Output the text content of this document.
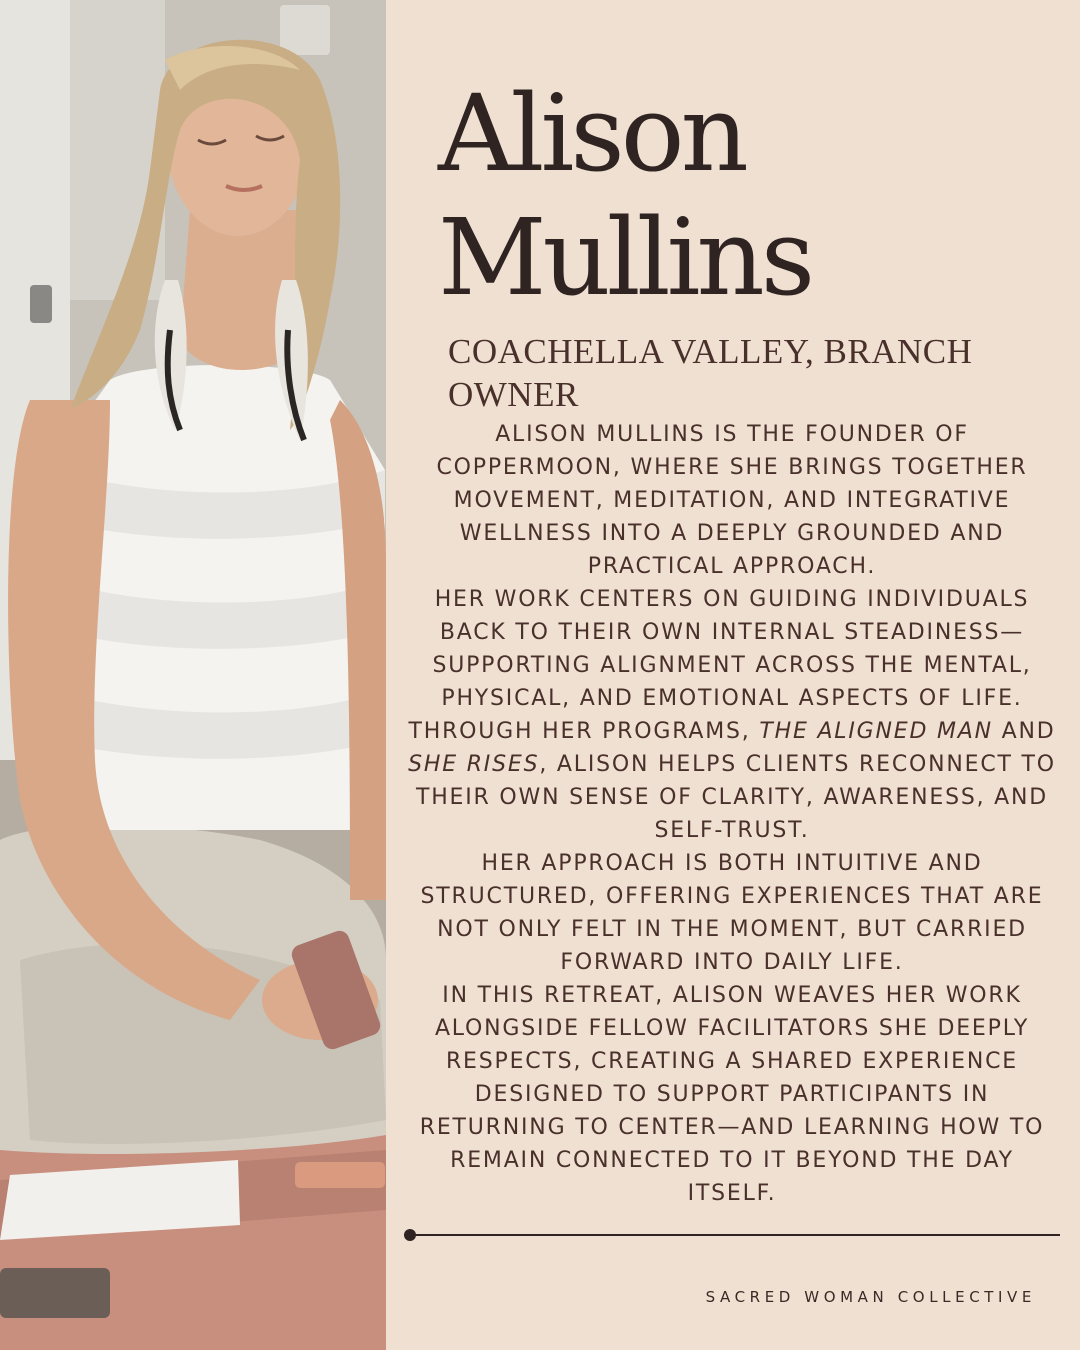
Alison
Mullins
COACHELLA VALLEY, BRANCH
OWNER

ALISON MULLINS IS THE FOUNDER OF COPPERMOON, WHERE SHE BRINGS TOGETHER MOVEMENT, MEDITATION, AND INTEGRATIVE WELLNESS INTO A DEEPLY GROUNDED AND PRACTICAL APPROACH.

HER WORK CENTERS ON GUIDING INDIVIDUALS BACK TO THEIR OWN INTERNAL STEADINESS—SUPPORTING ALIGNMENT ACROSS THE MENTAL, PHYSICAL, AND EMOTIONAL ASPECTS OF LIFE.

THROUGH HER PROGRAMS, THE ALIGNED MAN AND SHE RISES, ALISON HELPS CLIENTS RECONNECT TO THEIR OWN SENSE OF CLARITY, AWARENESS, AND SELF-TRUST.

HER APPROACH IS BOTH INTUITIVE AND STRUCTURED, OFFERING EXPERIENCES THAT ARE NOT ONLY FELT IN THE MOMENT, BUT CARRIED FORWARD INTO DAILY LIFE.

IN THIS RETREAT, ALISON WEAVES HER WORK ALONGSIDE FELLOW FACILITATORS SHE DEEPLY RESPECTS, CREATING A SHARED EXPERIENCE DESIGNED TO SUPPORT PARTICIPANTS IN RETURNING TO CENTER—AND LEARNING HOW TO REMAIN CONNECTED TO IT BEYOND THE DAY ITSELF.

SACRED WOMAN COLLECTIVE
